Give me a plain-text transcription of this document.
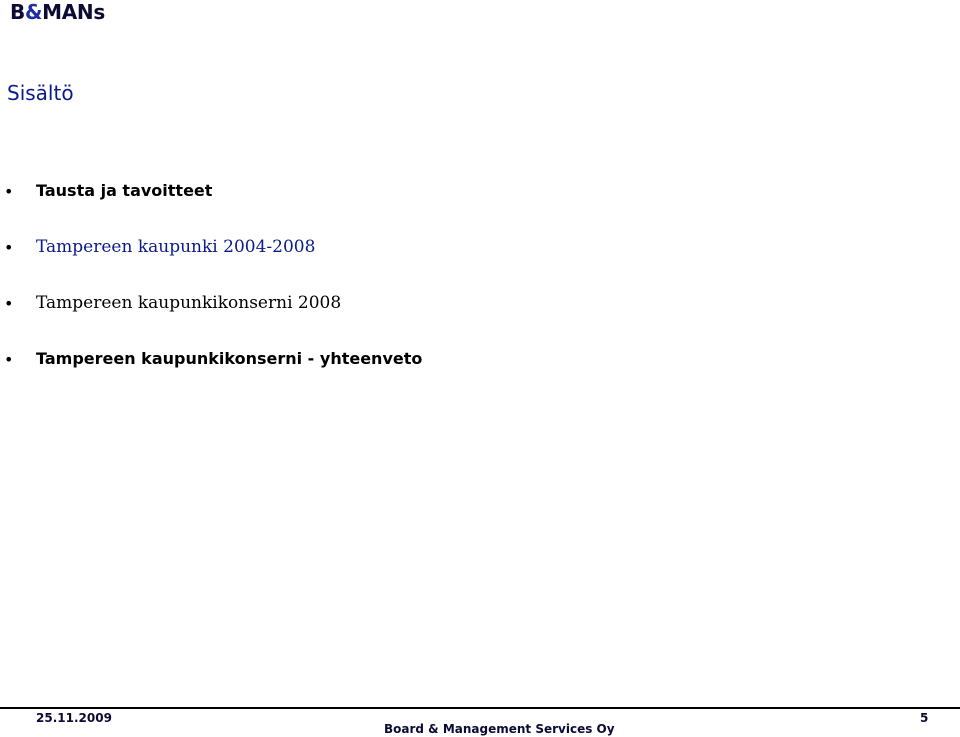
B&MANs
Sisältö
• Tausta ja tavoitteet
• Tampereen kaupunki 2004-2008
• Tampereen kaupunkikonserni 2008
• Tampereen kaupunkikonserni - yhteenveto
25.11.2009
Board & Management Services Oy
5
